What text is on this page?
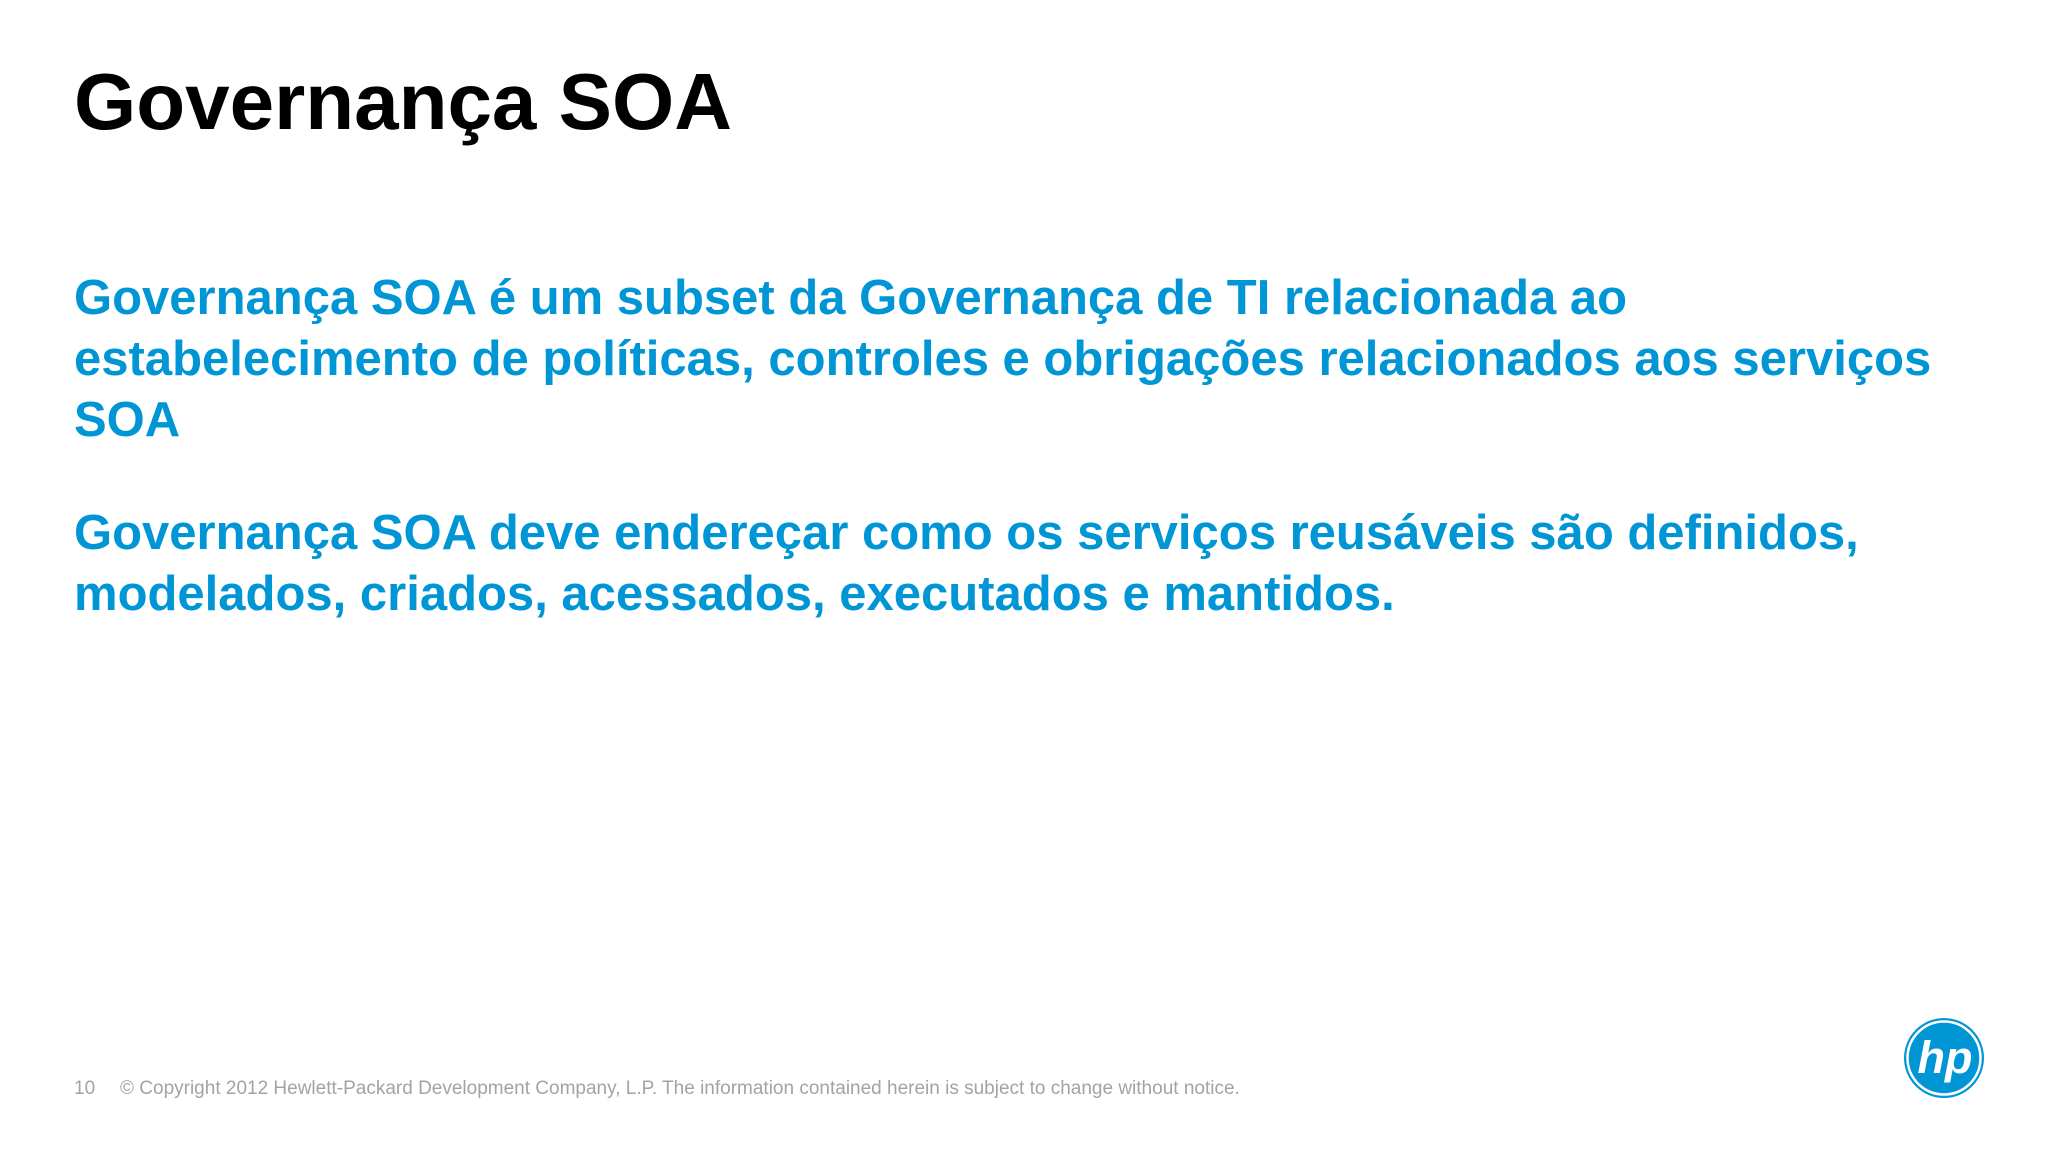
Governança SOA

Governança SOA é um subset da Governança de TI relacionada ao estabelecimento de políticas, controles e obrigações relacionados aos serviços SOA

Governança SOA deve endereçar como os serviços reusáveis são definidos, modelados, criados, acessados, executados e mantidos.

10 © Copyright 2012 Hewlett-Packard Development Company, L.P. The information contained herein is subject to change without notice.
hp
